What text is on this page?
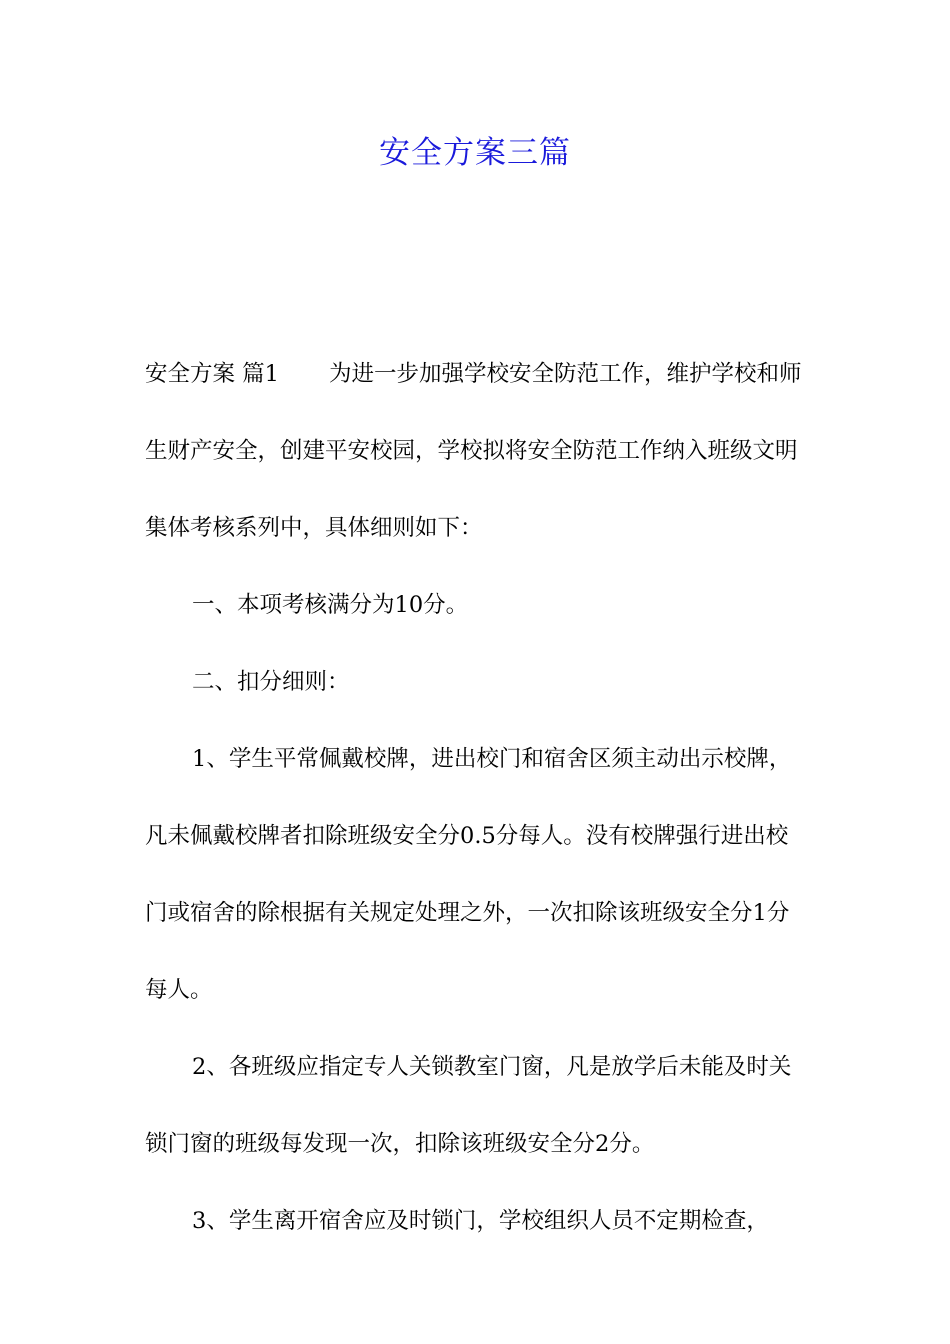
安全方案三篇

安全方案 篇1 为进一步加强学校安全防范工作，维护学校和师生财产安全，创建平安校园，学校拟将安全防范工作纳入班级文明集体考核系列中，具体细则如下：

一、本项考核满分为10分。

二、扣分细则：

1、学生平常佩戴校牌，进出校门和宿舍区须主动出示校牌，凡未佩戴校牌者扣除班级安全分0.5分每人。没有校牌强行进出校门或宿舍的除根据有关规定处理之外，一次扣除该班级安全分1分每人。

2、各班级应指定专人关锁教室门窗，凡是放学后未能及时关锁门窗的班级每发现一次，扣除该班级安全分2分。

3、学生离开宿舍应及时锁门，学校组织人员不定期检查，
